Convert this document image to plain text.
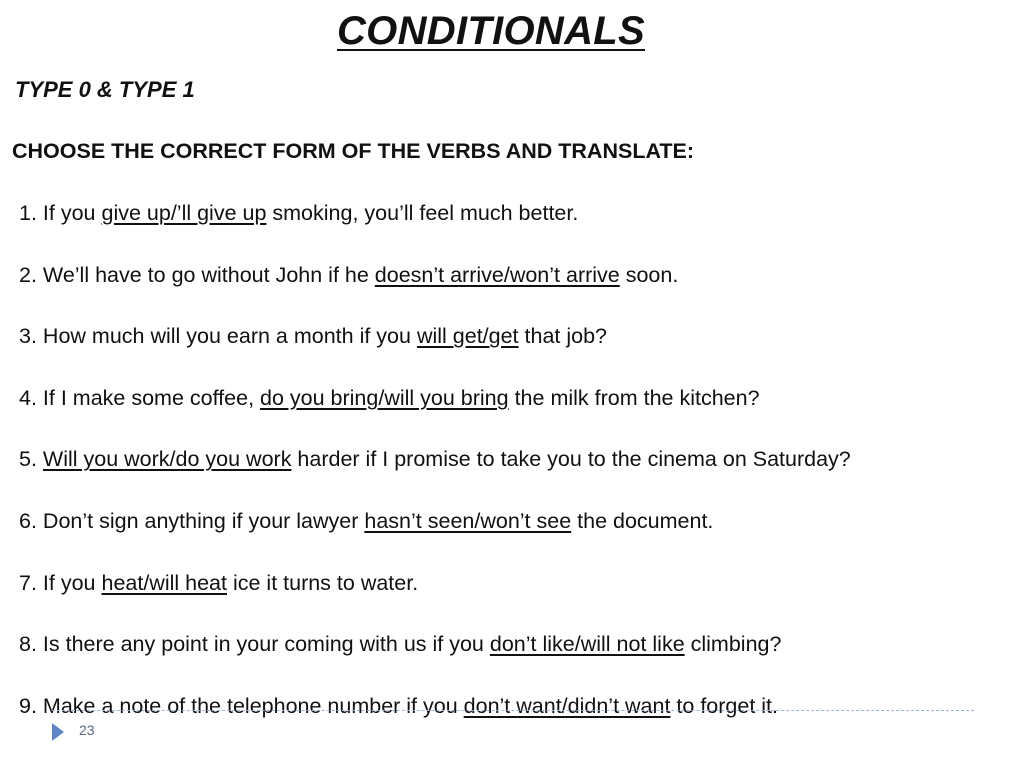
CONDITIONALS
TYPE 0 & TYPE 1
CHOOSE THE CORRECT FORM OF THE VERBS AND TRANSLATE:
1. If you give up/’ll give up smoking, you’ll feel much better.
2. We’ll have to go without John if he doesn’t arrive/won’t arrive soon.
3. How much will you earn a month if you will get/get that job?
4. If I make some coffee, do you bring/will you bring the milk from the kitchen?
5. Will you work/do you work harder if I promise to take you to the cinema on Saturday?
6. Don’t sign anything if your lawyer hasn’t seen/won’t see the document.
7. If you heat/will heat ice it turns to water.
8. Is there any point in your coming with us if you don’t like/will not like climbing?
9. Make a note of the telephone number if you don’t want/didn’t want to forget it.
23
